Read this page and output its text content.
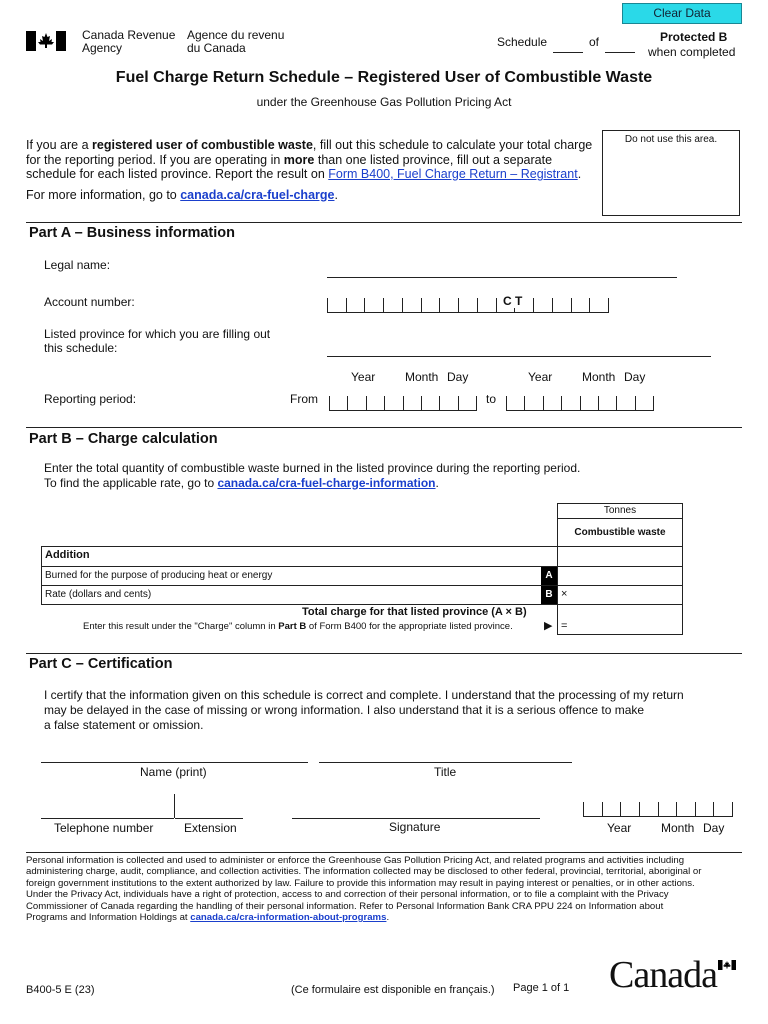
Clear Data
Canada Revenue
Agency
Agence du revenu
du Canada	Schedule	of	Protected B
when completed
Fuel Charge Return Schedule – Registered User of Combustible Waste
under the Greenhouse Gas Pollution Pricing Act
If you are a registered user of combustible waste, fill out this schedule to calculate your total charge
for the reporting period. If you are operating in more than one listed province, fill out a separate
schedule for each listed province. Report the result on Form B400, Fuel Charge Return – Registrant.
For more information, go to canada.ca/cra-fuel-charge.
Do not use this area.
Part A – Business information
Legal name:
Account number:	C T
Listed province for which you are filling out
this schedule:
Year Month Day	Year Month Day
Reporting period:	From	to
Part B – Charge calculation
Enter the total quantity of combustible waste burned in the listed province during the reporting period.
To find the applicable rate, go to canada.ca/cra-fuel-charge-information.
Tonnes
Combustible waste
Addition
Burned for the purpose of producing heat or energy	A
Rate (dollars and cents)	B ×
Total charge for that listed province (A × B)
Enter this result under the "Charge" column in Part B of Form B400 for the appropriate listed province.	▶ =
Part C – Certification
I certify that the information given on this schedule is correct and complete. I understand that the processing of my return
may be delayed in the case of missing or wrong information. I also understand that it is a serious offence to make
a false statement or omission.
Name (print)	Title
Telephone number	Extension	Signature	Year Month Day
Personal information is collected and used to administer or enforce the Greenhouse Gas Pollution Pricing Act, and related programs and activities including
administering charge, audit, compliance, and collection activities. The information collected may be disclosed to other federal, provincial, territorial, aboriginal or
foreign government institutions to the extent authorized by law. Failure to provide this information may result in paying interest or penalties, or in other actions.
Under the Privacy Act, individuals have a right of protection, access to and correction of their personal information, or to file a complaint with the Privacy
Commissioner of Canada regarding the handling of their personal information. Refer to Personal Information Bank CRA PPU 224 on Information about
Programs and Information Holdings at canada.ca/cra-information-about-programs.
B400-5 E (23)	(Ce formulaire est disponible en français.) Page 1 of 1 Canada
